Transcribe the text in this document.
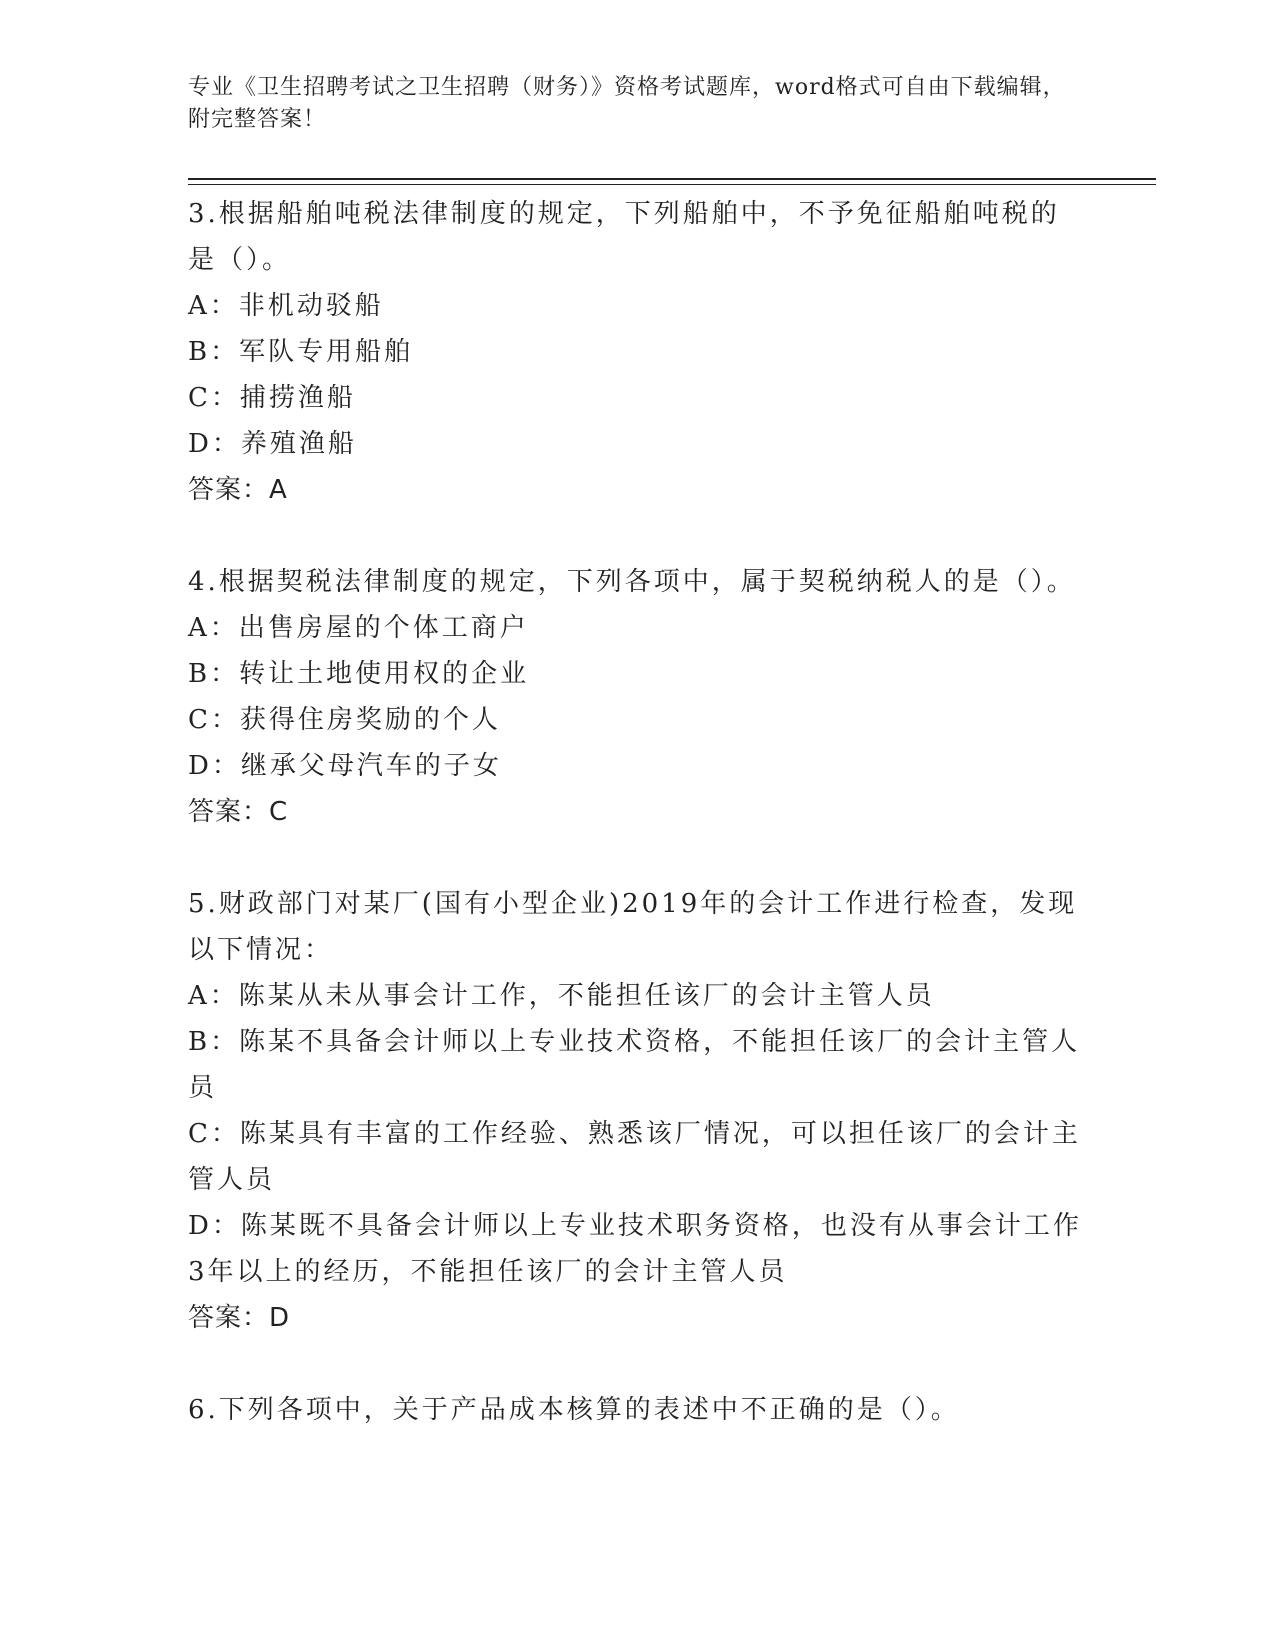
专业《卫生招聘考试之卫生招聘（财务）》资格考试题库，word格式可自由下载编辑，附完整答案！

3.根据船舶吨税法律制度的规定，下列船舶中，不予免征船舶吨税的是（）。

A：非机动驳船

B：军队专用船舶

C：捕捞渔船

D：养殖渔船

答案：A

4.根据契税法律制度的规定，下列各项中，属于契税纳税人的是（）。

A：出售房屋的个体工商户

B：转让土地使用权的企业

C：获得住房奖励的个人

D：继承父母汽车的子女

答案：C

5.财政部门对某厂(国有小型企业)2019年的会计工作进行检查，发现以下情况：

A：陈某从未从事会计工作，不能担任该厂的会计主管人员

B：陈某不具备会计师以上专业技术资格，不能担任该厂的会计主管人员

C：陈某具有丰富的工作经验、熟悉该厂情况，可以担任该厂的会计主管人员

D：陈某既不具备会计师以上专业技术职务资格，也没有从事会计工作3年以上的经历，不能担任该厂的会计主管人员

答案：D

6.下列各项中，关于产品成本核算的表述中不正确的是（）。
